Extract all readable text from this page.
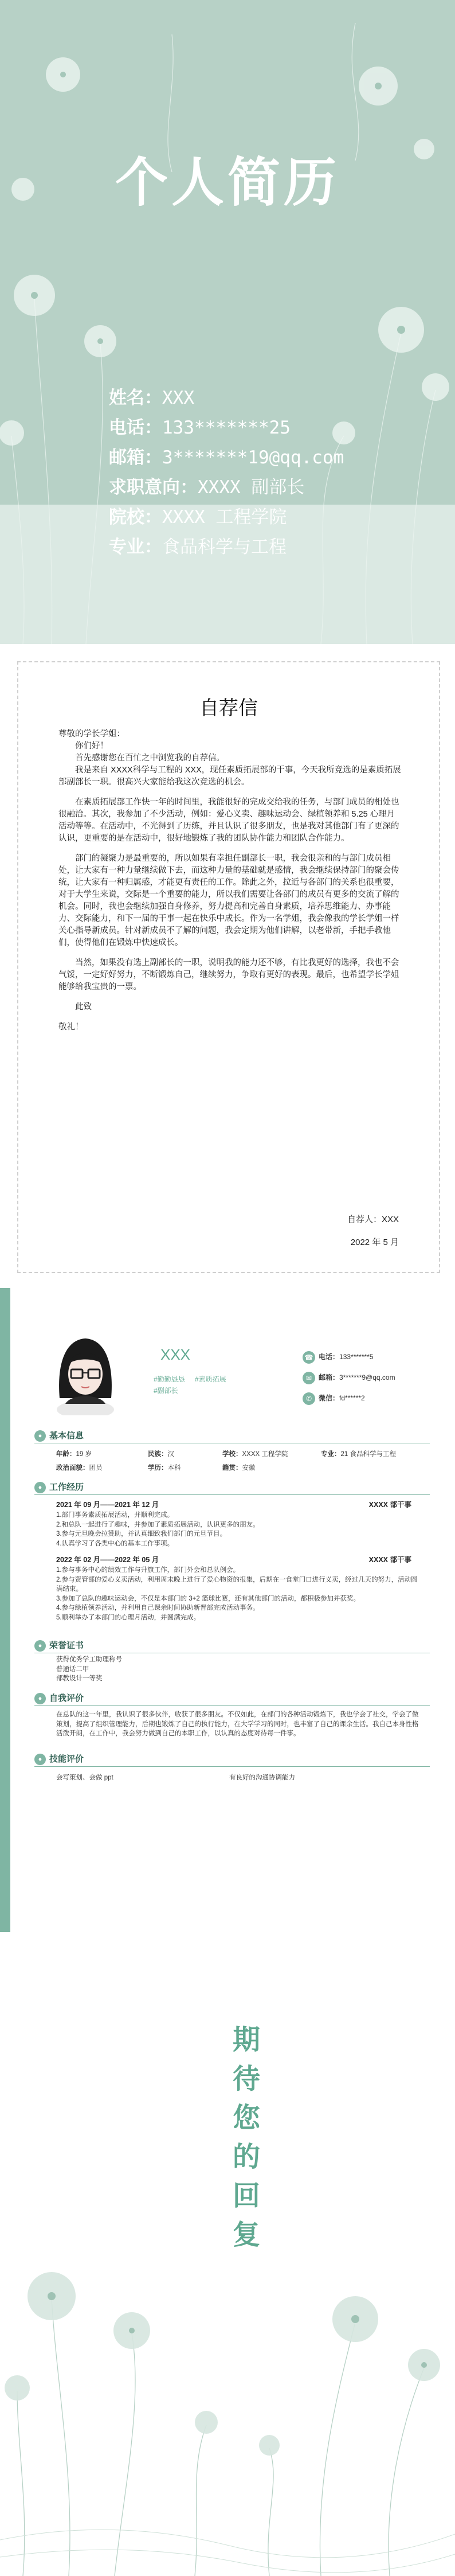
个人简历
姓名：XXX
电话：133*******25
邮箱：3*******19@qq.com
求职意向：XXXX 副部长
院校：XXXX 工程学院
专业：食品科学与工程
自荐信

尊敬的学长学姐：

你们好！

首先感谢您在百忙之中浏览我的自荐信。

我是来自 XXXX科学与工程的 XXX，现任素质拓展部的干事，今天我所竞选的是素质拓展部副部长一职。很高兴大家能给我这次竞选的机会。

在素质拓展部工作快一年的时间里，我能很好的完成交给我的任务，与部门成员的相处也很融洽。其次，我参加了不少活动，例如：爱心义卖、趣味运动会、绿植领养和 5.25 心理月活动等等。在活动中，不光得到了历练，并且认识了很多朋友，也是我对其他部门有了更深的认识，更重要的是在活动中，很好地锻炼了我的团队协作能力和团队合作能力。

部门的凝聚力是最重要的，所以如果有幸担任副部长一职，我会很亲和的与部门成员相处，让大家有一种力量继续做下去，而这种力量的基础就是感情，我会继续保持部门的聚会传统，让大家有一种归属感，才能更有责任的工作。除此之外，拉近与各部门的关系也很重要，对于大学生来说，交际是一个重要的能力，所以我们需要让各部门的成员有更多的交流了解的机会。同时，我也会继续加强自身修养，努力提高和完善自身素质，培养思维能力、办事能力、交际能力，和下一届的干事一起在快乐中成长。作为一名学姐，我会像我的学长学姐一样关心指导新成员。针对新成员不了解的问题，我会定期为他们讲解，以老带新，手把手教他们，使得他们在锻炼中快速成长。

当然，如果没有选上副部长的一职，说明我的能力还不够，有比我更好的选择，我也不会气馁，一定好好努力，不断锻炼自己，继续努力，争取有更好的表现。最后，也希望学长学姐能够给我宝贵的一票。

此致

敬礼！

自荐人：XXX
2022 年 5 月
XXX
#勤勤恳恳 #素质拓展
#副部长
☎ 电话：133*******5
✉ 邮箱：3*******9@qq.com
✆ 微信：fd******2
● 基本信息
年龄：19 岁	民族：汉	学校：XXXX 工程学院	专业：21 食品科学与工程
政治面貌：团员	学历：本科	籍贯：安徽
● 工作经历
2021 年 09 月——2021 年 12 月	XXXX 部干事
1.部门事务素质拓展活动，并顺利完成。
2.和总队一起进行了趣味，并参加了素质拓展活动，认识更多的朋友。
3.参与元旦晚会拉赞助，并认真细致我们部门的元旦节目。
4.认真学习了各类中心的基本工作事项。
2022 年 02 月——2022 年 05 月	XXXX 部干事
1.参与事务中心的绩效工作与升旗工作，部门外会和总队例会。
2.参与资管部的爱心义卖活动，利用周末晚上进行了爱心物资的报集，后期在一食堂门口进行义卖，经过几天的努力，活动圆满结束。
3.参加了总队的趣味运动会，不仅是本部门的 3+2 篮球比赛，还有其他部门的活动，都积极参加并获奖。
4.参与绿植领养活动，并利用自己课余时间协助新晋部完成活动事务。
5.顺利举办了本部门的心理月活动，并圆满完成。
● 荣誉证书
获得优秀学工助理称号
普通话二甲
部教设计一等奖
● 自我评价
在总队的这一年里，我认识了很多伙伴，收获了很多朋友。不仅如此，在部门的各种活动锻炼下，我也学会了社交，学会了做策划，提高了组织管理能力，后期也锻炼了自己的执行能力，在大学学习的同时，也丰富了自己的课余生活。我自己本身性格活泼开朗，在工作中，我会努力做到自己的本职工作，以认真的态度对待每一件事。
● 技能评价
会写策划、会做 ppt	有良好的沟通协调能力
期
待
您
的
回
复
